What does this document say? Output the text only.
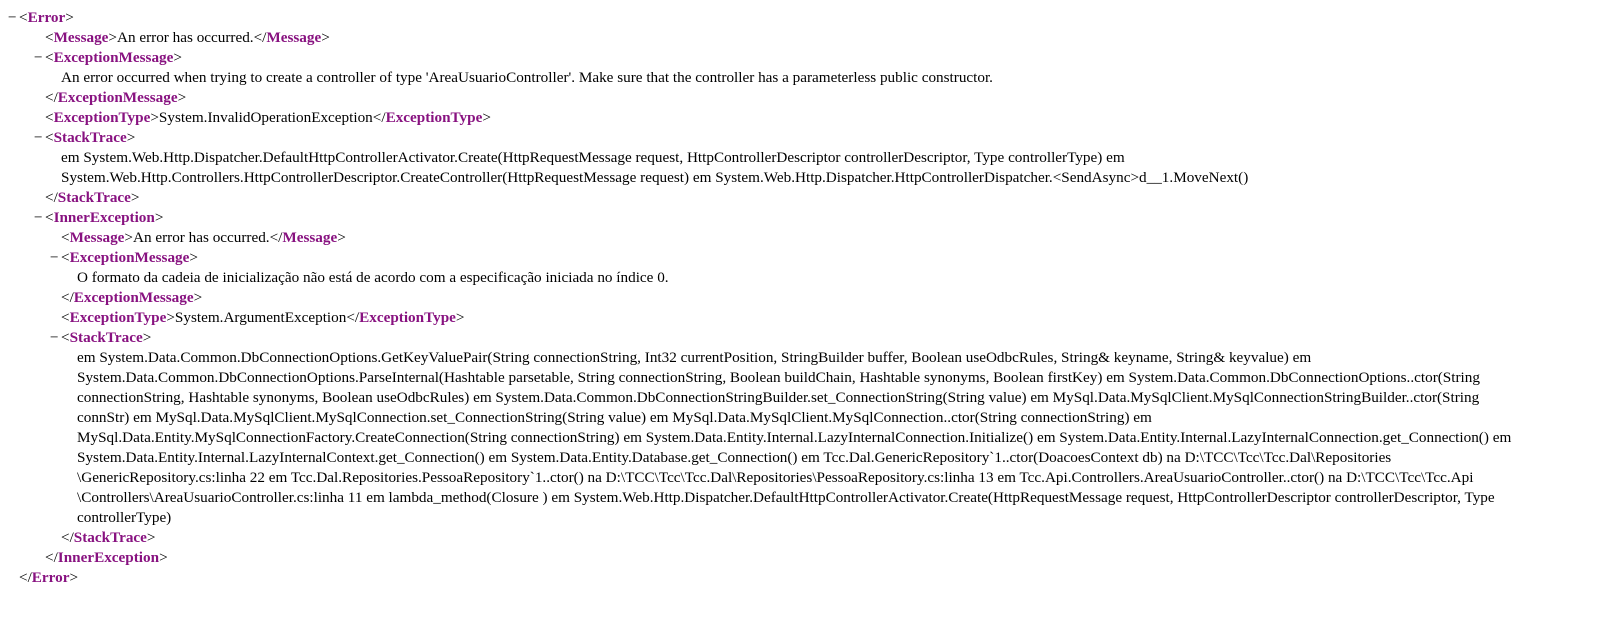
− <Error>
<Message>An error has occurred.</Message>
− <ExceptionMessage>
An error occurred when trying to create a controller of type 'AreaUsuarioController'. Make sure that the controller has a parameterless public constructor.
</ExceptionMessage>
<ExceptionType>System.InvalidOperationException</ExceptionType>
− <StackTrace>
em System.Web.Http.Dispatcher.DefaultHttpControllerActivator.Create(HttpRequestMessage request, HttpControllerDescriptor controllerDescriptor, Type controllerType) em
System.Web.Http.Controllers.HttpControllerDescriptor.CreateController(HttpRequestMessage request) em System.Web.Http.Dispatcher.HttpControllerDispatcher.<SendAsync>d__1.MoveNext()
</StackTrace>
− <InnerException>
<Message>An error has occurred.</Message>
− <ExceptionMessage>
O formato da cadeia de inicialização não está de acordo com a especificação iniciada no índice 0.
</ExceptionMessage>
<ExceptionType>System.ArgumentException</ExceptionType>
− <StackTrace>
em System.Data.Common.DbConnectionOptions.GetKeyValuePair(String connectionString, Int32 currentPosition, StringBuilder buffer, Boolean useOdbcRules, String& keyname, String& keyvalue) em
System.Data.Common.DbConnectionOptions.ParseInternal(Hashtable parsetable, String connectionString, Boolean buildChain, Hashtable synonyms, Boolean firstKey) em System.Data.Common.DbConnectionOptions..ctor(String
connectionString, Hashtable synonyms, Boolean useOdbcRules) em System.Data.Common.DbConnectionStringBuilder.set_ConnectionString(String value) em MySql.Data.MySqlClient.MySqlConnectionStringBuilder..ctor(String
connStr) em MySql.Data.MySqlClient.MySqlConnection.set_ConnectionString(String value) em MySql.Data.MySqlClient.MySqlConnection..ctor(String connectionString) em
MySql.Data.Entity.MySqlConnectionFactory.CreateConnection(String connectionString) em System.Data.Entity.Internal.LazyInternalConnection.Initialize() em System.Data.Entity.Internal.LazyInternalConnection.get_Connection() em
System.Data.Entity.Internal.LazyInternalContext.get_Connection() em System.Data.Entity.Database.get_Connection() em Tcc.Dal.GenericRepository`1..ctor(DoacoesContext db) na D:\TCC\Tcc\Tcc.Dal\Repositories
\GenericRepository.cs:linha 22 em Tcc.Dal.Repositories.PessoaRepository`1..ctor() na D:\TCC\Tcc\Tcc.Dal\Repositories\PessoaRepository.cs:linha 13 em Tcc.Api.Controllers.AreaUsuarioController..ctor() na D:\TCC\Tcc\Tcc.Api
\Controllers\AreaUsuarioController.cs:linha 11 em lambda_method(Closure ) em System.Web.Http.Dispatcher.DefaultHttpControllerActivator.Create(HttpRequestMessage request, HttpControllerDescriptor controllerDescriptor, Type
controllerType)
</StackTrace>
</InnerException>
</Error>
